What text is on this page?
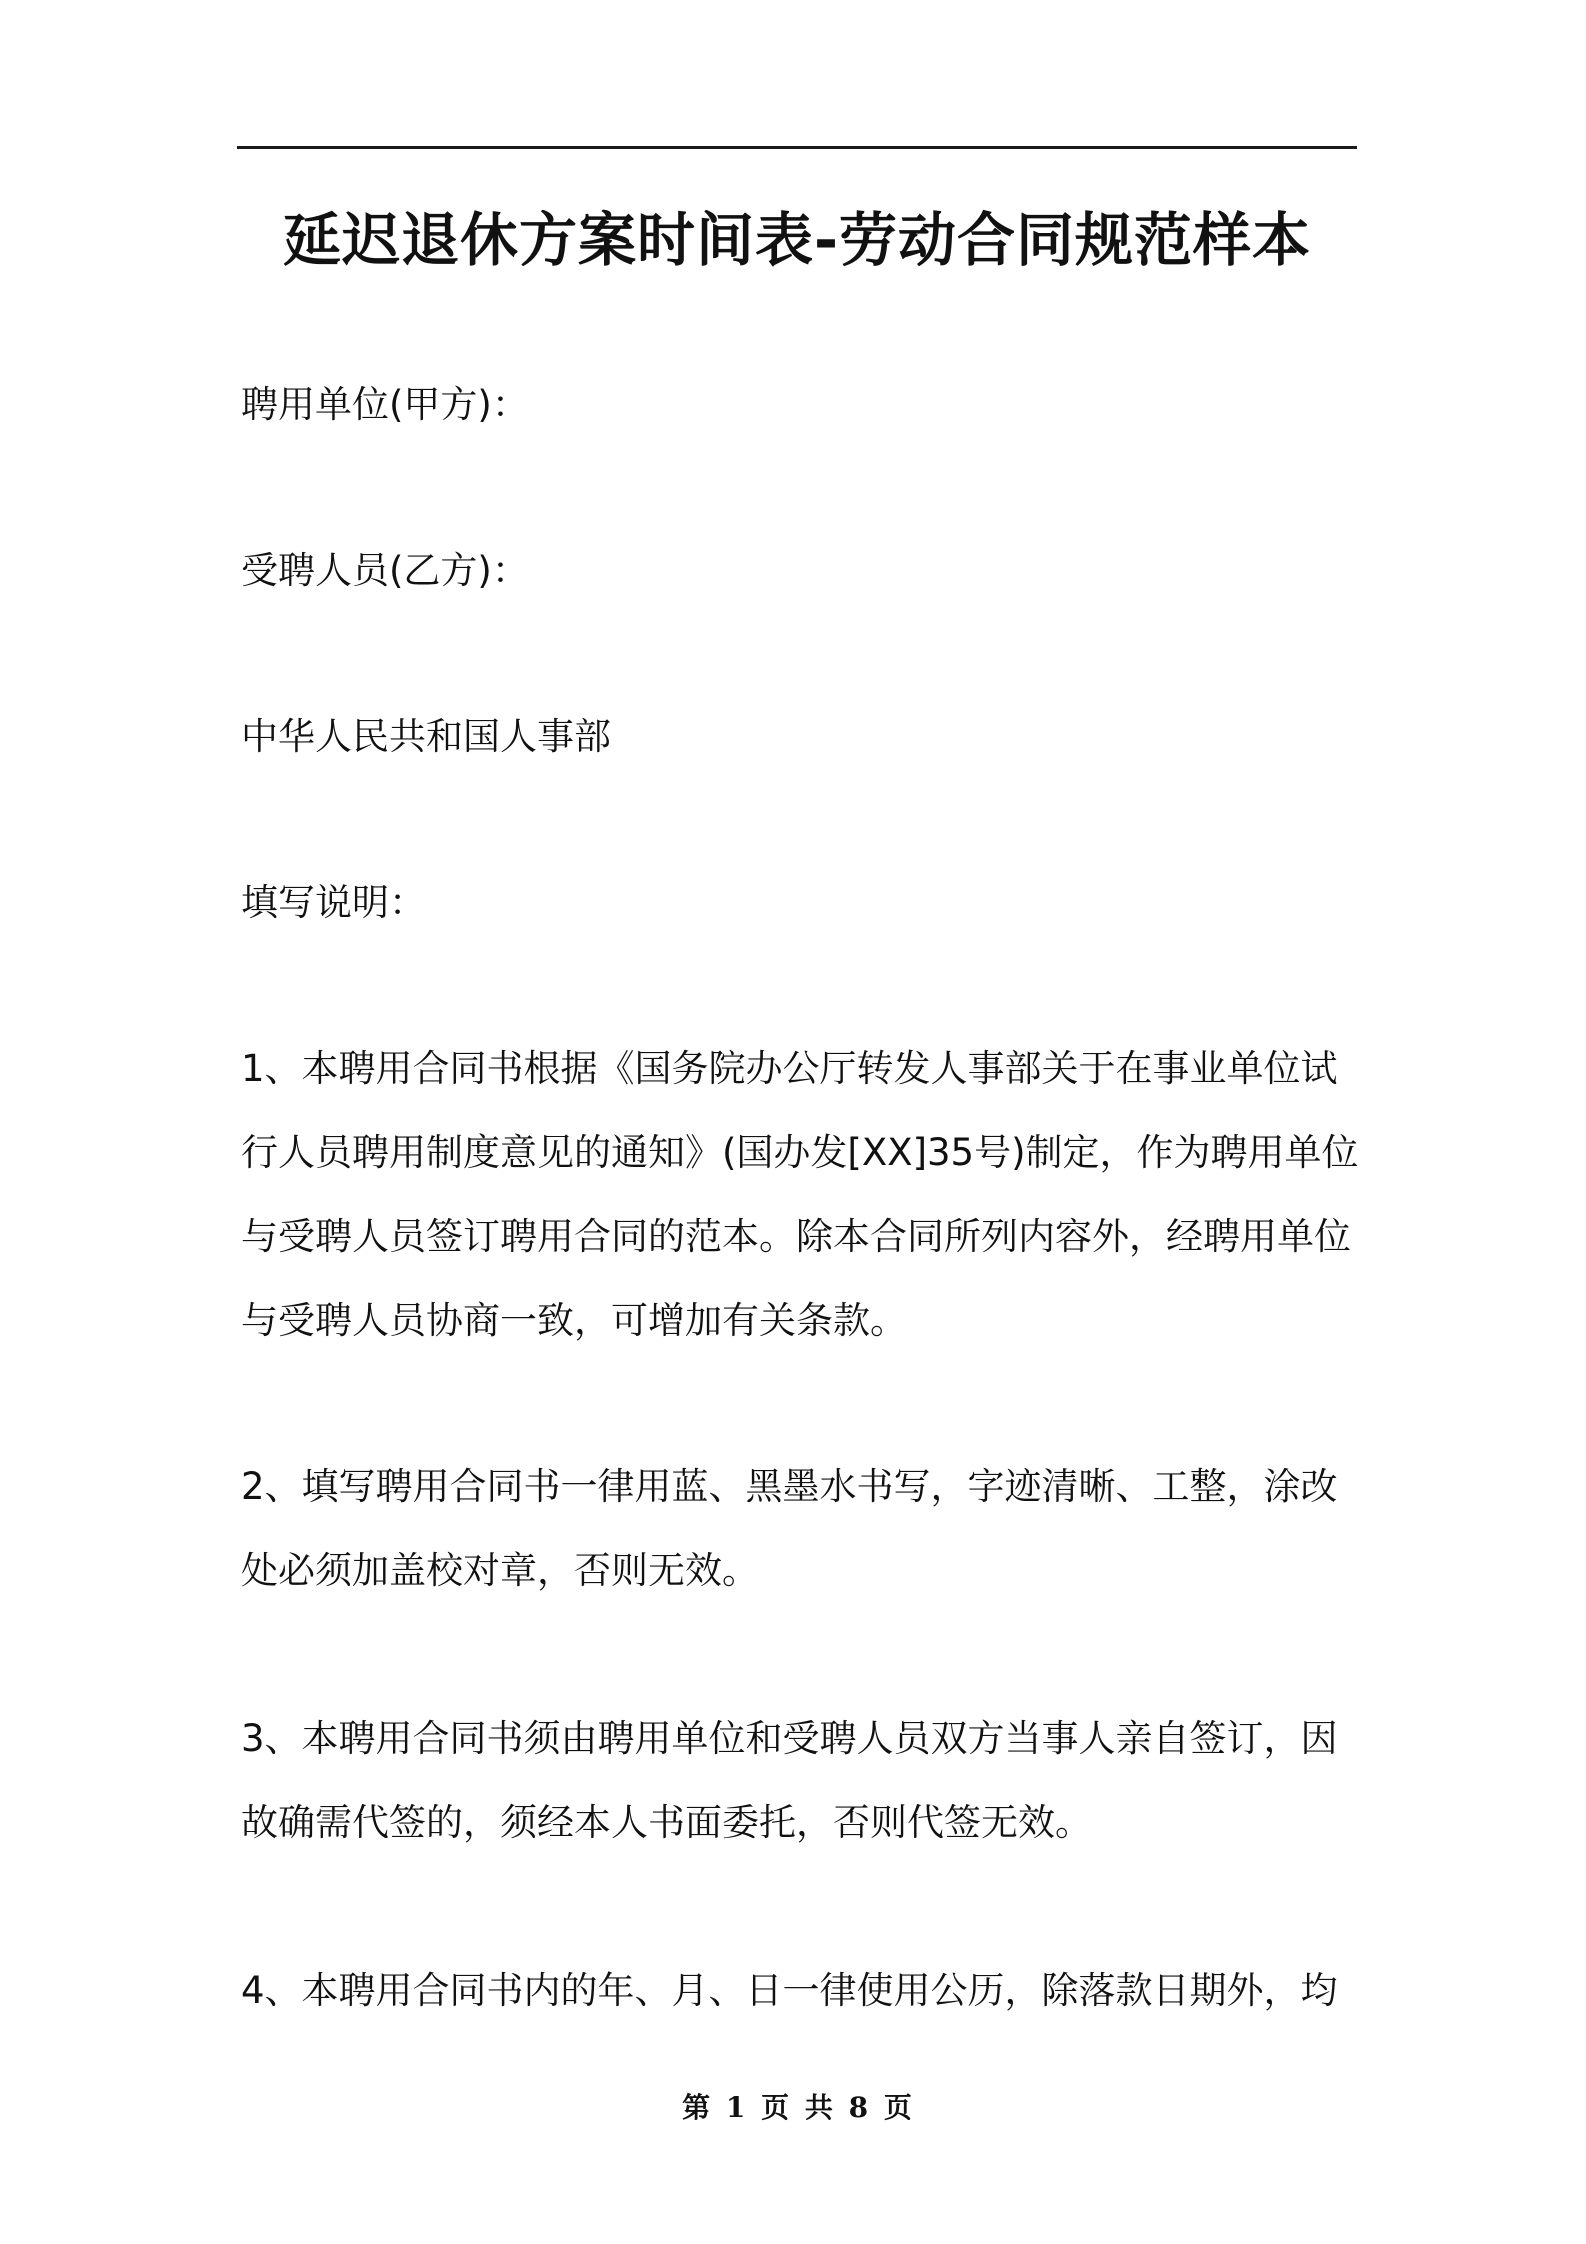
延迟退休方案时间表-劳动合同规范样本
聘用单位(甲方)：
受聘人员(乙方)：
中华人民共和国人事部
填写说明：
1、本聘用合同书根据《国务院办公厅转发人事部关于在事业单位试
行人员聘用制度意见的通知》(国办发[XX]35号)制定，作为聘用单位
与受聘人员签订聘用合同的范本。除本合同所列内容外，经聘用单位
与受聘人员协商一致，可增加有关条款。
2、填写聘用合同书一律用蓝、黑墨水书写，字迹清晰、工整，涂改
处必须加盖校对章，否则无效。
3、本聘用合同书须由聘用单位和受聘人员双方当事人亲自签订，因
故确需代签的，须经本人书面委托，否则代签无效。
4、本聘用合同书内的年、月、日一律使用公历，除落款日期外，均
第 1 页 共 8 页
